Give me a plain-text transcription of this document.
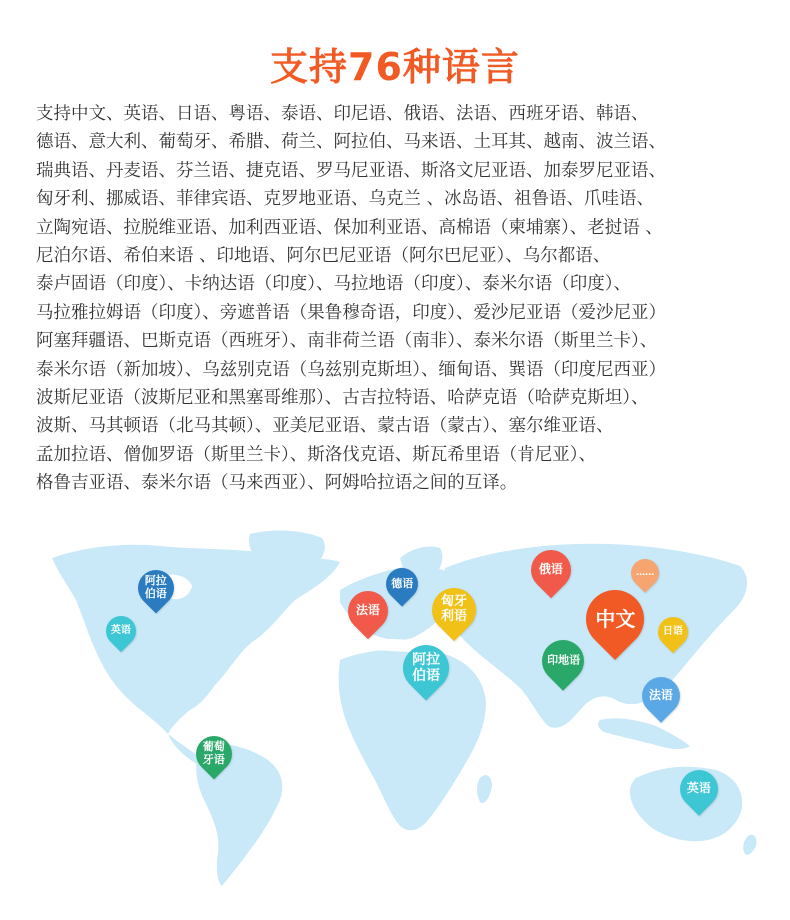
支持76种语言

支持中文、英语、日语、粤语、泰语、印尼语、俄语、法语、西班牙语、韩语、
德语、意大利、葡萄牙、希腊、荷兰、阿拉伯、马来语、土耳其、越南、波兰语、
瑞典语、丹麦语、芬兰语、捷克语、罗马尼亚语、斯洛文尼亚语、加泰罗尼亚语、
匈牙利、挪威语、菲律宾语、克罗地亚语、乌克兰 、冰岛语、祖鲁语、爪哇语、
立陶宛语、拉脱维亚语、加利西亚语、保加利亚语、高棉语（柬埔寨）、老挝语 、
尼泊尔语、希伯来语 、印地语、阿尔巴尼亚语（阿尔巴尼亚）、乌尔都语、
泰卢固语（印度）、卡纳达语（印度）、马拉地语（印度）、泰米尔语（印度）、
马拉雅拉姆语（印度）、旁遮普语（果鲁穆奇语，印度）、爱沙尼亚语（爱沙尼亚）
阿塞拜疆语、巴斯克语（西班牙）、南非荷兰语（南非）、泰米尔语（斯里兰卡）、
泰米尔语（新加坡）、乌兹别克语（乌兹别克斯坦）、缅甸语、巽语（印度尼西亚）
波斯尼亚语（波斯尼亚和黑塞哥维那）、古吉拉特语、哈萨克语（哈萨克斯坦）、
波斯、马其顿语（北马其顿）、亚美尼亚语、蒙古语（蒙古）、塞尔维亚语、
孟加拉语、僧伽罗语（斯里兰卡）、斯洛伐克语、斯瓦希里语（肯尼亚）、
格鲁吉亚语、泰米尔语（马来西亚）、阿姆哈拉语之间的互译。

阿拉
伯语
英语
葡萄
牙语
法语
德语
匈牙
利语
阿拉
伯语
俄语	……
中文
日语
印地语
法语
英语
